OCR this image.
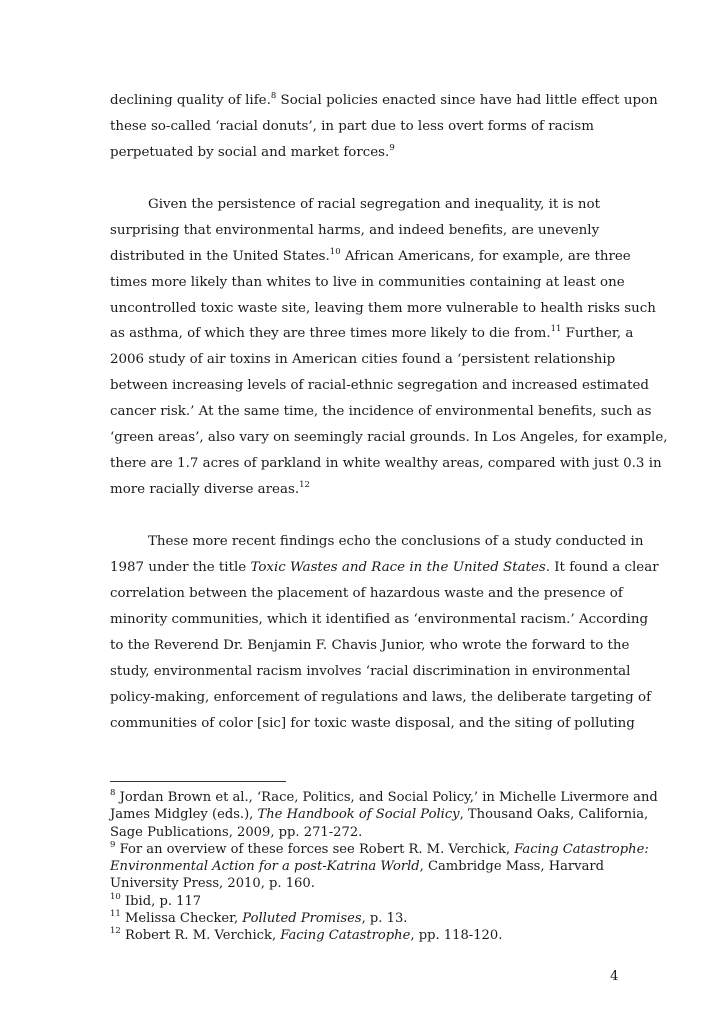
declining quality of life.$^8$ Social policies enacted since have had little effect upon
these so-called ‘racial donuts’, in part due to less overt forms of racism
perpetuated by social and market forces.$^9$
Given the persistence of racial segregation and inequality, it is not
surprising that environmental harms, and indeed benefits, are unevenly
distributed in the United States.$^{10}$ African Americans, for example, are three
times more likely than whites to live in communities containing at least one
uncontrolled toxic waste site, leaving them more vulnerable to health risks such
as asthma, of which they are three times more likely to die from.$^{11}$ Further, a
2006 study of air toxins in American cities found a ‘persistent relationship
between increasing levels of racial-ethnic segregation and increased estimated
cancer risk.’ At the same time, the incidence of environmental benefits, such as
‘green areas’, also vary on seemingly racial grounds. In Los Angeles, for example,
there are 1.7 acres of parkland in white wealthy areas, compared with just 0.3 in
more racially diverse areas.$^{12}$
These more recent findings echo the conclusions of a study conducted in
1987 under the title Toxic Wastes and Race in the United States. It found a clear
correlation between the placement of hazardous waste and the presence of
minority communities, which it identified as ‘environmental racism.’ According
to the Reverend Dr. Benjamin F. Chavis Junior, who wrote the forward to the
study, environmental racism involves ‘racial discrimination in environmental
policy-making, enforcement of regulations and laws, the deliberate targeting of
communities of color [sic] for toxic waste disposal, and the siting of polluting
$^8$ Jordan Brown et al., ‘Race, Politics, and Social Policy,’ in Michelle Livermore and
James Midgley (eds.), The Handbook of Social Policy, Thousand Oaks, California,
Sage Publications, 2009, pp. 271-272.
$^9$ For an overview of these forces see Robert R. M. Verchick, Facing Catastrophe:
Environmental Action for a post-Katrina World, Cambridge Mass, Harvard
University Press, 2010, p. 160.
$^{10}$ Ibid, p. 117
$^{11}$ Melissa Checker, Polluted Promises, p. 13.
$^{12}$ Robert R. M. Verchick, Facing Catastrophe, pp. 118-120.
4
